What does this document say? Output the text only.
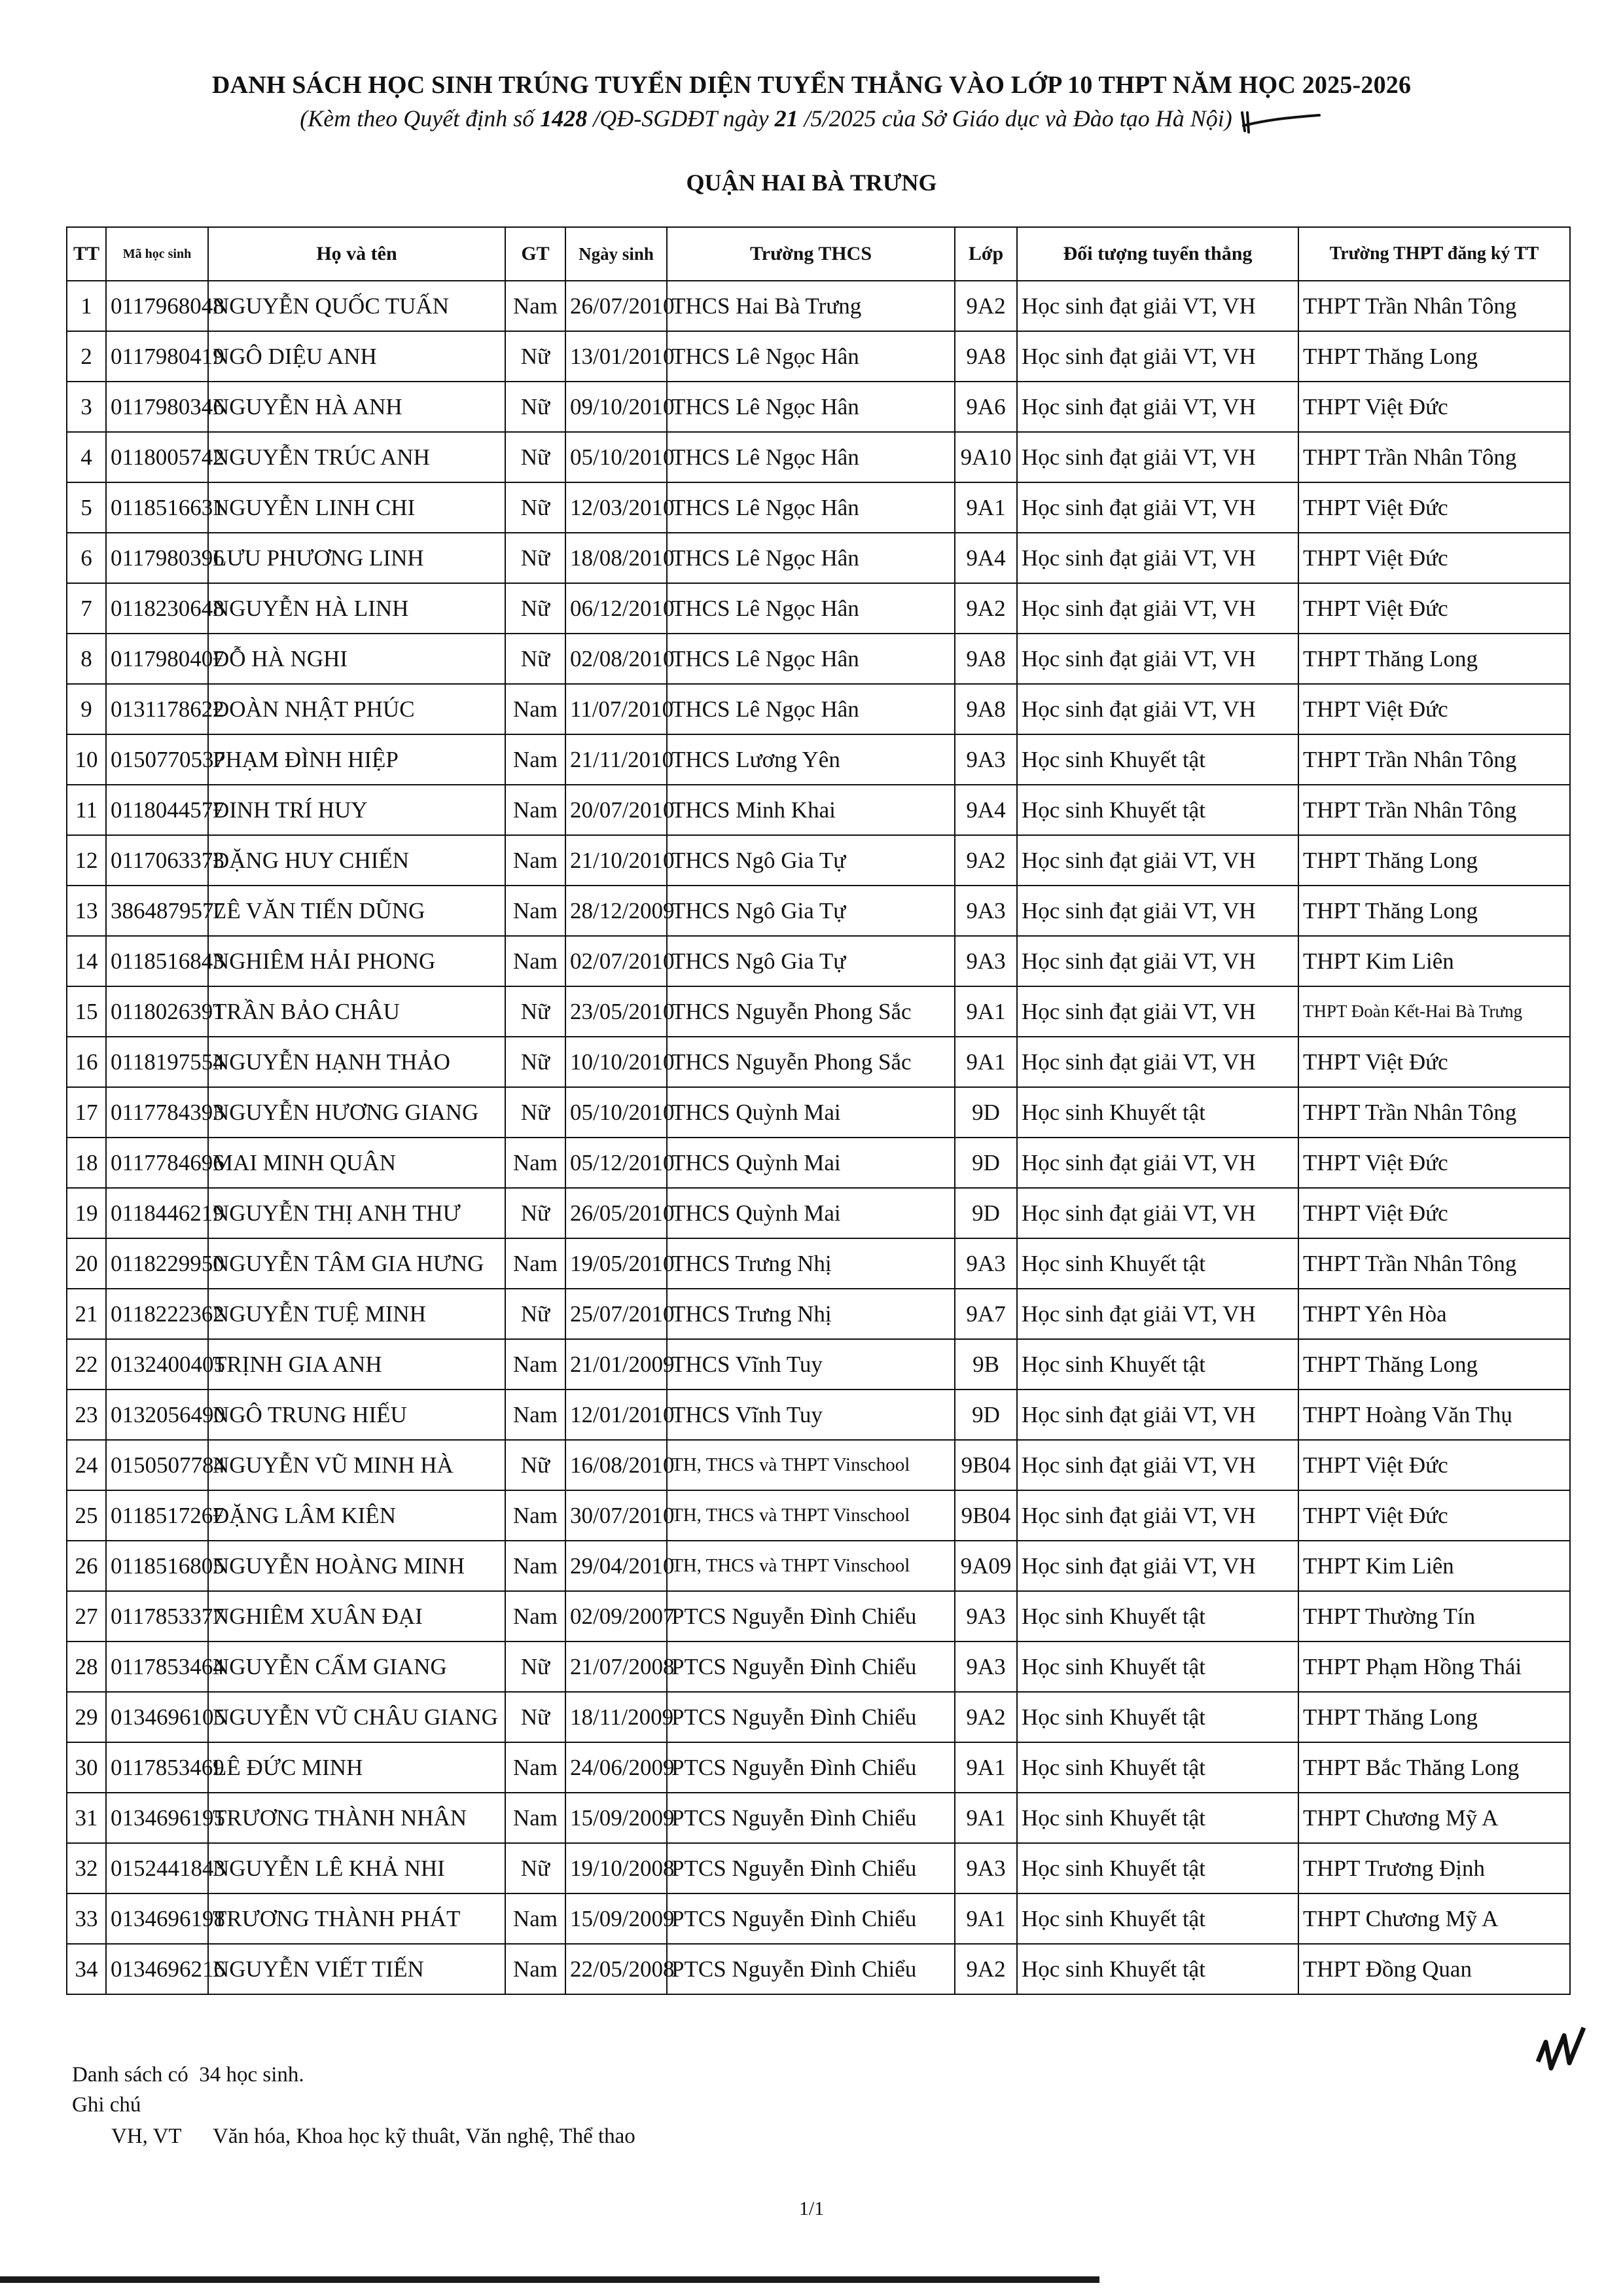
DANH SÁCH HỌC SINH TRÚNG TUYỂN DIỆN TUYỂN THẲNG VÀO LỚP 10 THPT NĂM HỌC 2025-2026
(Kèm theo Quyết định số 1428 /QĐ-SGDĐT ngày 21 /5/2025 của Sở Giáo dục và Đào tạo Hà Nội)
QUẬN HAI BÀ TRƯNG
TT	Mã học sinh	Họ và tên	GT	Ngày sinh	Trường THCS	Lớp	Đối tượng tuyển thẳng	Trường THPT đăng ký TT
1	0117968048	NGUYỄN QUỐC TUẤN	Nam	26/07/2010	THCS Hai Bà Trưng	9A2	Học sinh đạt giải VT, VH	THPT Trần Nhân Tông
2	0117980419	NGÔ DIỆU ANH	Nữ	13/01/2010	THCS Lê Ngọc Hân	9A8	Học sinh đạt giải VT, VH	THPT Thăng Long
3	0117980346	NGUYỄN HÀ ANH	Nữ	09/10/2010	THCS Lê Ngọc Hân	9A6	Học sinh đạt giải VT, VH	THPT Việt Đức
4	0118005742	NGUYỄN TRÚC ANH	Nữ	05/10/2010	THCS Lê Ngọc Hân	9A10	Học sinh đạt giải VT, VH	THPT Trần Nhân Tông
5	0118516631	NGUYỄN LINH CHI	Nữ	12/03/2010	THCS Lê Ngọc Hân	9A1	Học sinh đạt giải VT, VH	THPT Việt Đức
6	0117980396	LƯU PHƯƠNG LINH	Nữ	18/08/2010	THCS Lê Ngọc Hân	9A4	Học sinh đạt giải VT, VH	THPT Việt Đức
7	0118230648	NGUYỄN HÀ LINH	Nữ	06/12/2010	THCS Lê Ngọc Hân	9A2	Học sinh đạt giải VT, VH	THPT Việt Đức
8	0117980407	ĐỖ HÀ NGHI	Nữ	02/08/2010	THCS Lê Ngọc Hân	9A8	Học sinh đạt giải VT, VH	THPT Thăng Long
9	0131178622	ĐOÀN NHẬT PHÚC	Nam	11/07/2010	THCS Lê Ngọc Hân	9A8	Học sinh đạt giải VT, VH	THPT Việt Đức
10	0150770537	PHẠM ĐÌNH HIỆP	Nam	21/11/2010	THCS Lương Yên	9A3	Học sinh Khuyết tật	THPT Trần Nhân Tông
11	0118044577	ĐINH TRÍ HUY	Nam	20/07/2010	THCS Minh Khai	9A4	Học sinh Khuyết tật	THPT Trần Nhân Tông
12	0117063373	ĐẶNG HUY CHIẾN	Nam	21/10/2010	THCS Ngô Gia Tự	9A2	Học sinh đạt giải VT, VH	THPT Thăng Long
13	3864879577	LÊ VĂN TIẾN DŨNG	Nam	28/12/2009	THCS Ngô Gia Tự	9A3	Học sinh đạt giải VT, VH	THPT Thăng Long
14	0118516843	NGHIÊM HẢI PHONG	Nam	02/07/2010	THCS Ngô Gia Tự	9A3	Học sinh đạt giải VT, VH	THPT Kim Liên
15	0118026391	TRẦN BẢO CHÂU	Nữ	23/05/2010	THCS Nguyễn Phong Sắc	9A1	Học sinh đạt giải VT, VH	THPT Đoàn Kết-Hai Bà Trưng
16	0118197554	NGUYỄN HẠNH THẢO	Nữ	10/10/2010	THCS Nguyễn Phong Sắc	9A1	Học sinh đạt giải VT, VH	THPT Việt Đức
17	0117784393	NGUYỄN HƯƠNG GIANG	Nữ	05/10/2010	THCS Quỳnh Mai	9D	Học sinh Khuyết tật	THPT Trần Nhân Tông
18	0117784696	MAI MINH QUÂN	Nam	05/12/2010	THCS Quỳnh Mai	9D	Học sinh đạt giải VT, VH	THPT Việt Đức
19	0118446219	NGUYỄN THỊ ANH THƯ	Nữ	26/05/2010	THCS Quỳnh Mai	9D	Học sinh đạt giải VT, VH	THPT Việt Đức
20	0118229950	NGUYỄN TÂM GIA HƯNG	Nam	19/05/2010	THCS Trưng Nhị	9A3	Học sinh Khuyết tật	THPT Trần Nhân Tông
21	0118222362	NGUYỄN TUỆ MINH	Nữ	25/07/2010	THCS Trưng Nhị	9A7	Học sinh đạt giải VT, VH	THPT Yên Hòa
22	0132400405	TRỊNH GIA ANH	Nam	21/01/2009	THCS Vĩnh Tuy	9B	Học sinh Khuyết tật	THPT Thăng Long
23	0132056490	NGÔ TRUNG HIẾU	Nam	12/01/2010	THCS Vĩnh Tuy	9D	Học sinh đạt giải VT, VH	THPT Hoàng Văn Thụ
24	0150507784	NGUYỄN VŨ MINH HÀ	Nữ	16/08/2010	TH, THCS và THPT Vinschool	9B04	Học sinh đạt giải VT, VH	THPT Việt Đức
25	0118517267	ĐẶNG LÂM KIÊN	Nam	30/07/2010	TH, THCS và THPT Vinschool	9B04	Học sinh đạt giải VT, VH	THPT Việt Đức
26	0118516805	NGUYỄN HOÀNG MINH	Nam	29/04/2010	TH, THCS và THPT Vinschool	9A09	Học sinh đạt giải VT, VH	THPT Kim Liên
27	0117853377	NGHIÊM XUÂN ĐẠI	Nam	02/09/2007	PTCS Nguyễn Đình Chiểu	9A3	Học sinh Khuyết tật	THPT Thường Tín
28	0117853464	NGUYỄN CẨM GIANG	Nữ	21/07/2008	PTCS Nguyễn Đình Chiểu	9A3	Học sinh Khuyết tật	THPT Phạm Hồng Thái
29	0134696105	NGUYỄN VŨ CHÂU GIANG	Nữ	18/11/2009	PTCS Nguyễn Đình Chiểu	9A2	Học sinh Khuyết tật	THPT Thăng Long
30	0117853469	LÊ ĐỨC MINH	Nam	24/06/2009	PTCS Nguyễn Đình Chiểu	9A1	Học sinh Khuyết tật	THPT Bắc Thăng Long
31	0134696195	TRƯƠNG THÀNH NHÂN	Nam	15/09/2009	PTCS Nguyễn Đình Chiểu	9A1	Học sinh Khuyết tật	THPT Chương Mỹ A
32	0152441843	NGUYỄN LÊ KHẢ NHI	Nữ	19/10/2008	PTCS Nguyễn Đình Chiểu	9A3	Học sinh Khuyết tật	THPT Trương Định
33	0134696198	TRƯƠNG THÀNH PHÁT	Nam	15/09/2009	PTCS Nguyễn Đình Chiểu	9A1	Học sinh Khuyết tật	THPT Chương Mỹ A
34	0134696216	NGUYỄN VIẾT TIẾN	Nam	22/05/2008	PTCS Nguyễn Đình Chiểu	9A2	Học sinh Khuyết tật	THPT Đồng Quan
Danh sách có 34 học sinh.
Ghi chú
VH, VT Văn hóa, Khoa học kỹ thuât, Văn nghệ, Thể thao
1/1
